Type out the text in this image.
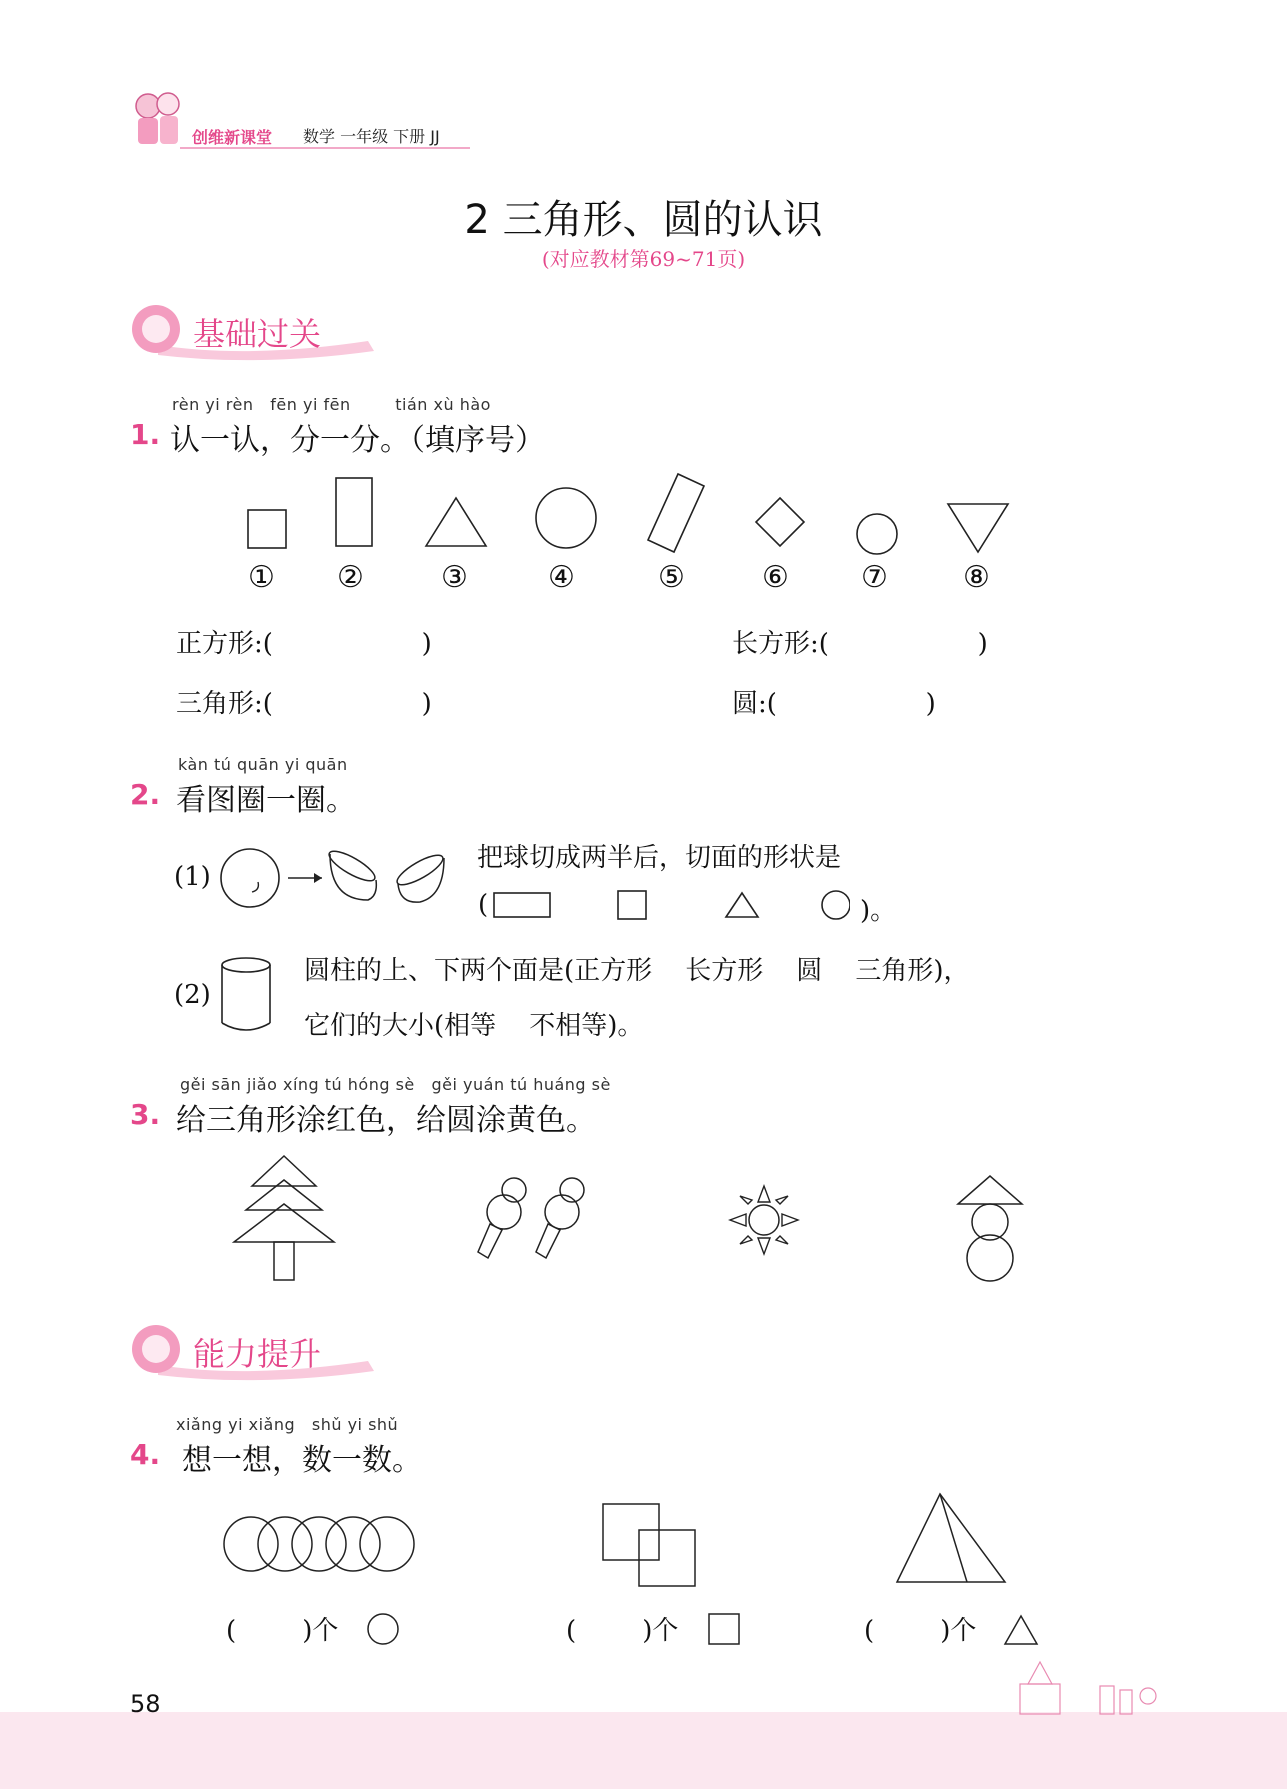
创维新课堂 数学 一年级 下册 JJ
2 三角形、圆的认识
(对应教材第69~71页)
基础过关
rèn yi rèn   fēn yi fēn        tián xù hào
1. 认一认，分一分。（填序号）
① ②	③	④	⑤	⑥ ⑦	⑧
正方形:(                  )	长方形:(                  )
三角形:(                  )	圆:(                  )
kàn tú quān yi quān
2. 看图圈一圈。
(1)
把球切成两半后，切面的形状是
(	)。
(2)
圆柱的上、下两个面是(正方形    长方形    圆    三角形)，
它们的大小(相等    不相等)。
gěi sān jiǎo xíng tú hóng sè   gěi yuán tú huáng sè
3. 给三角形涂红色，给圆涂黄色。
能力提升
xiǎng yi xiǎng   shǔ yi shǔ
4. 想一想，数一数。
(        )个	(        )个	(        )个
58
